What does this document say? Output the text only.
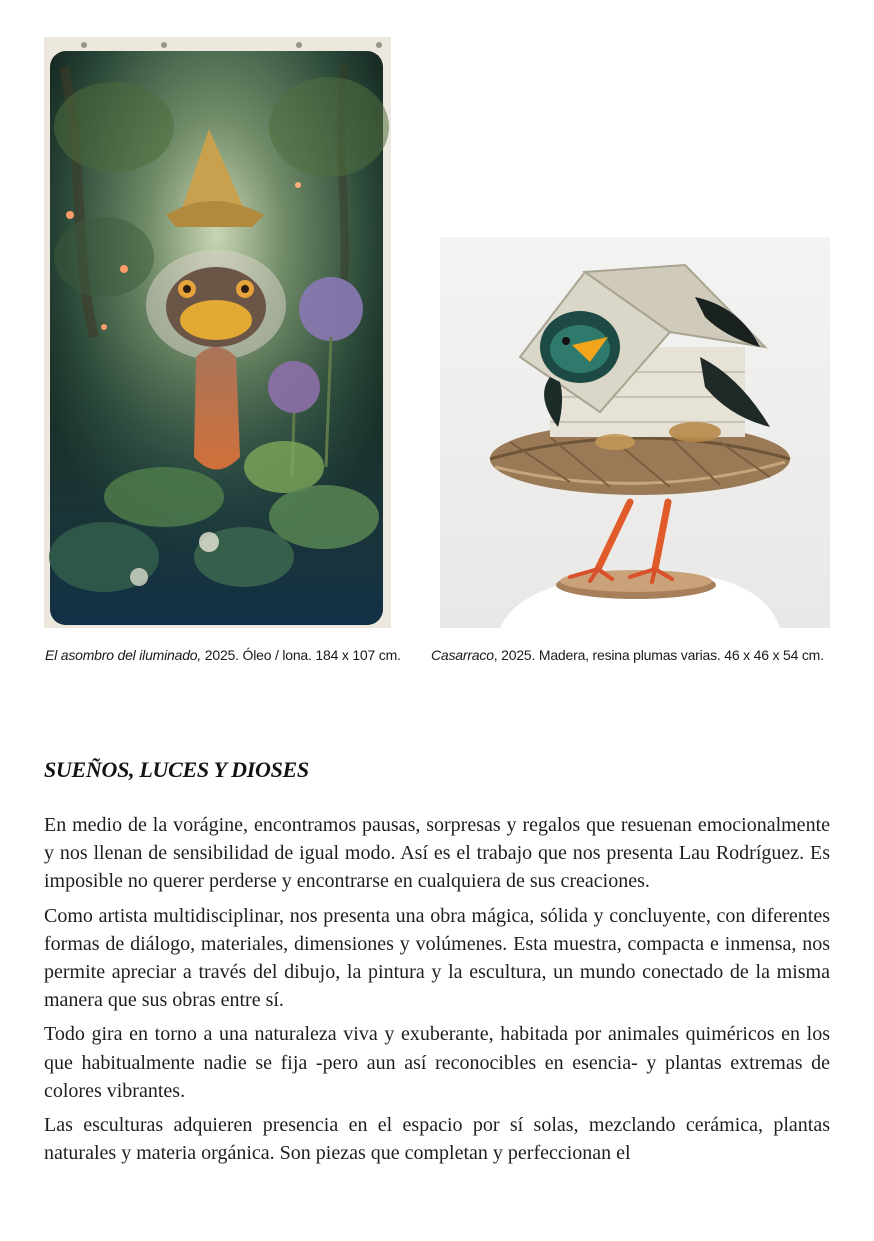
El asombro del iluminado, 2025. Óleo / lona. 184 x 107 cm.	Casarraco, 2025. Madera, resina plumas varias. 46 x 46 x 54 cm.
SUEÑOS, LUCES Y DIOSES

En medio de la vorágine, encontramos pausas, sorpresas y regalos que resuenan emocionalmente y nos llenan de sensibilidad de igual modo. Así es el trabajo que nos presenta Lau Rodríguez. Es imposible no querer perderse y encontrarse en cualquiera de sus creaciones.

Como artista multidisciplinar, nos presenta una obra mágica, sólida y concluyente, con diferentes formas de diálogo, materiales, dimensiones y volúmenes. Esta muestra, compacta e inmensa, nos permite apreciar a través del dibujo, la pintura y la escultura, un mundo conectado de la misma manera que sus obras entre sí.

Todo gira en torno a una naturaleza viva y exuberante, habitada por animales quiméricos en los que habitualmente nadie se fija -pero aun así reconocibles en esencia- y plantas extremas de colores vibrantes.

Las esculturas adquieren presencia en el espacio por sí solas, mezclando cerámica, plantas naturales y materia orgánica. Son piezas que completan y perfeccionan el
